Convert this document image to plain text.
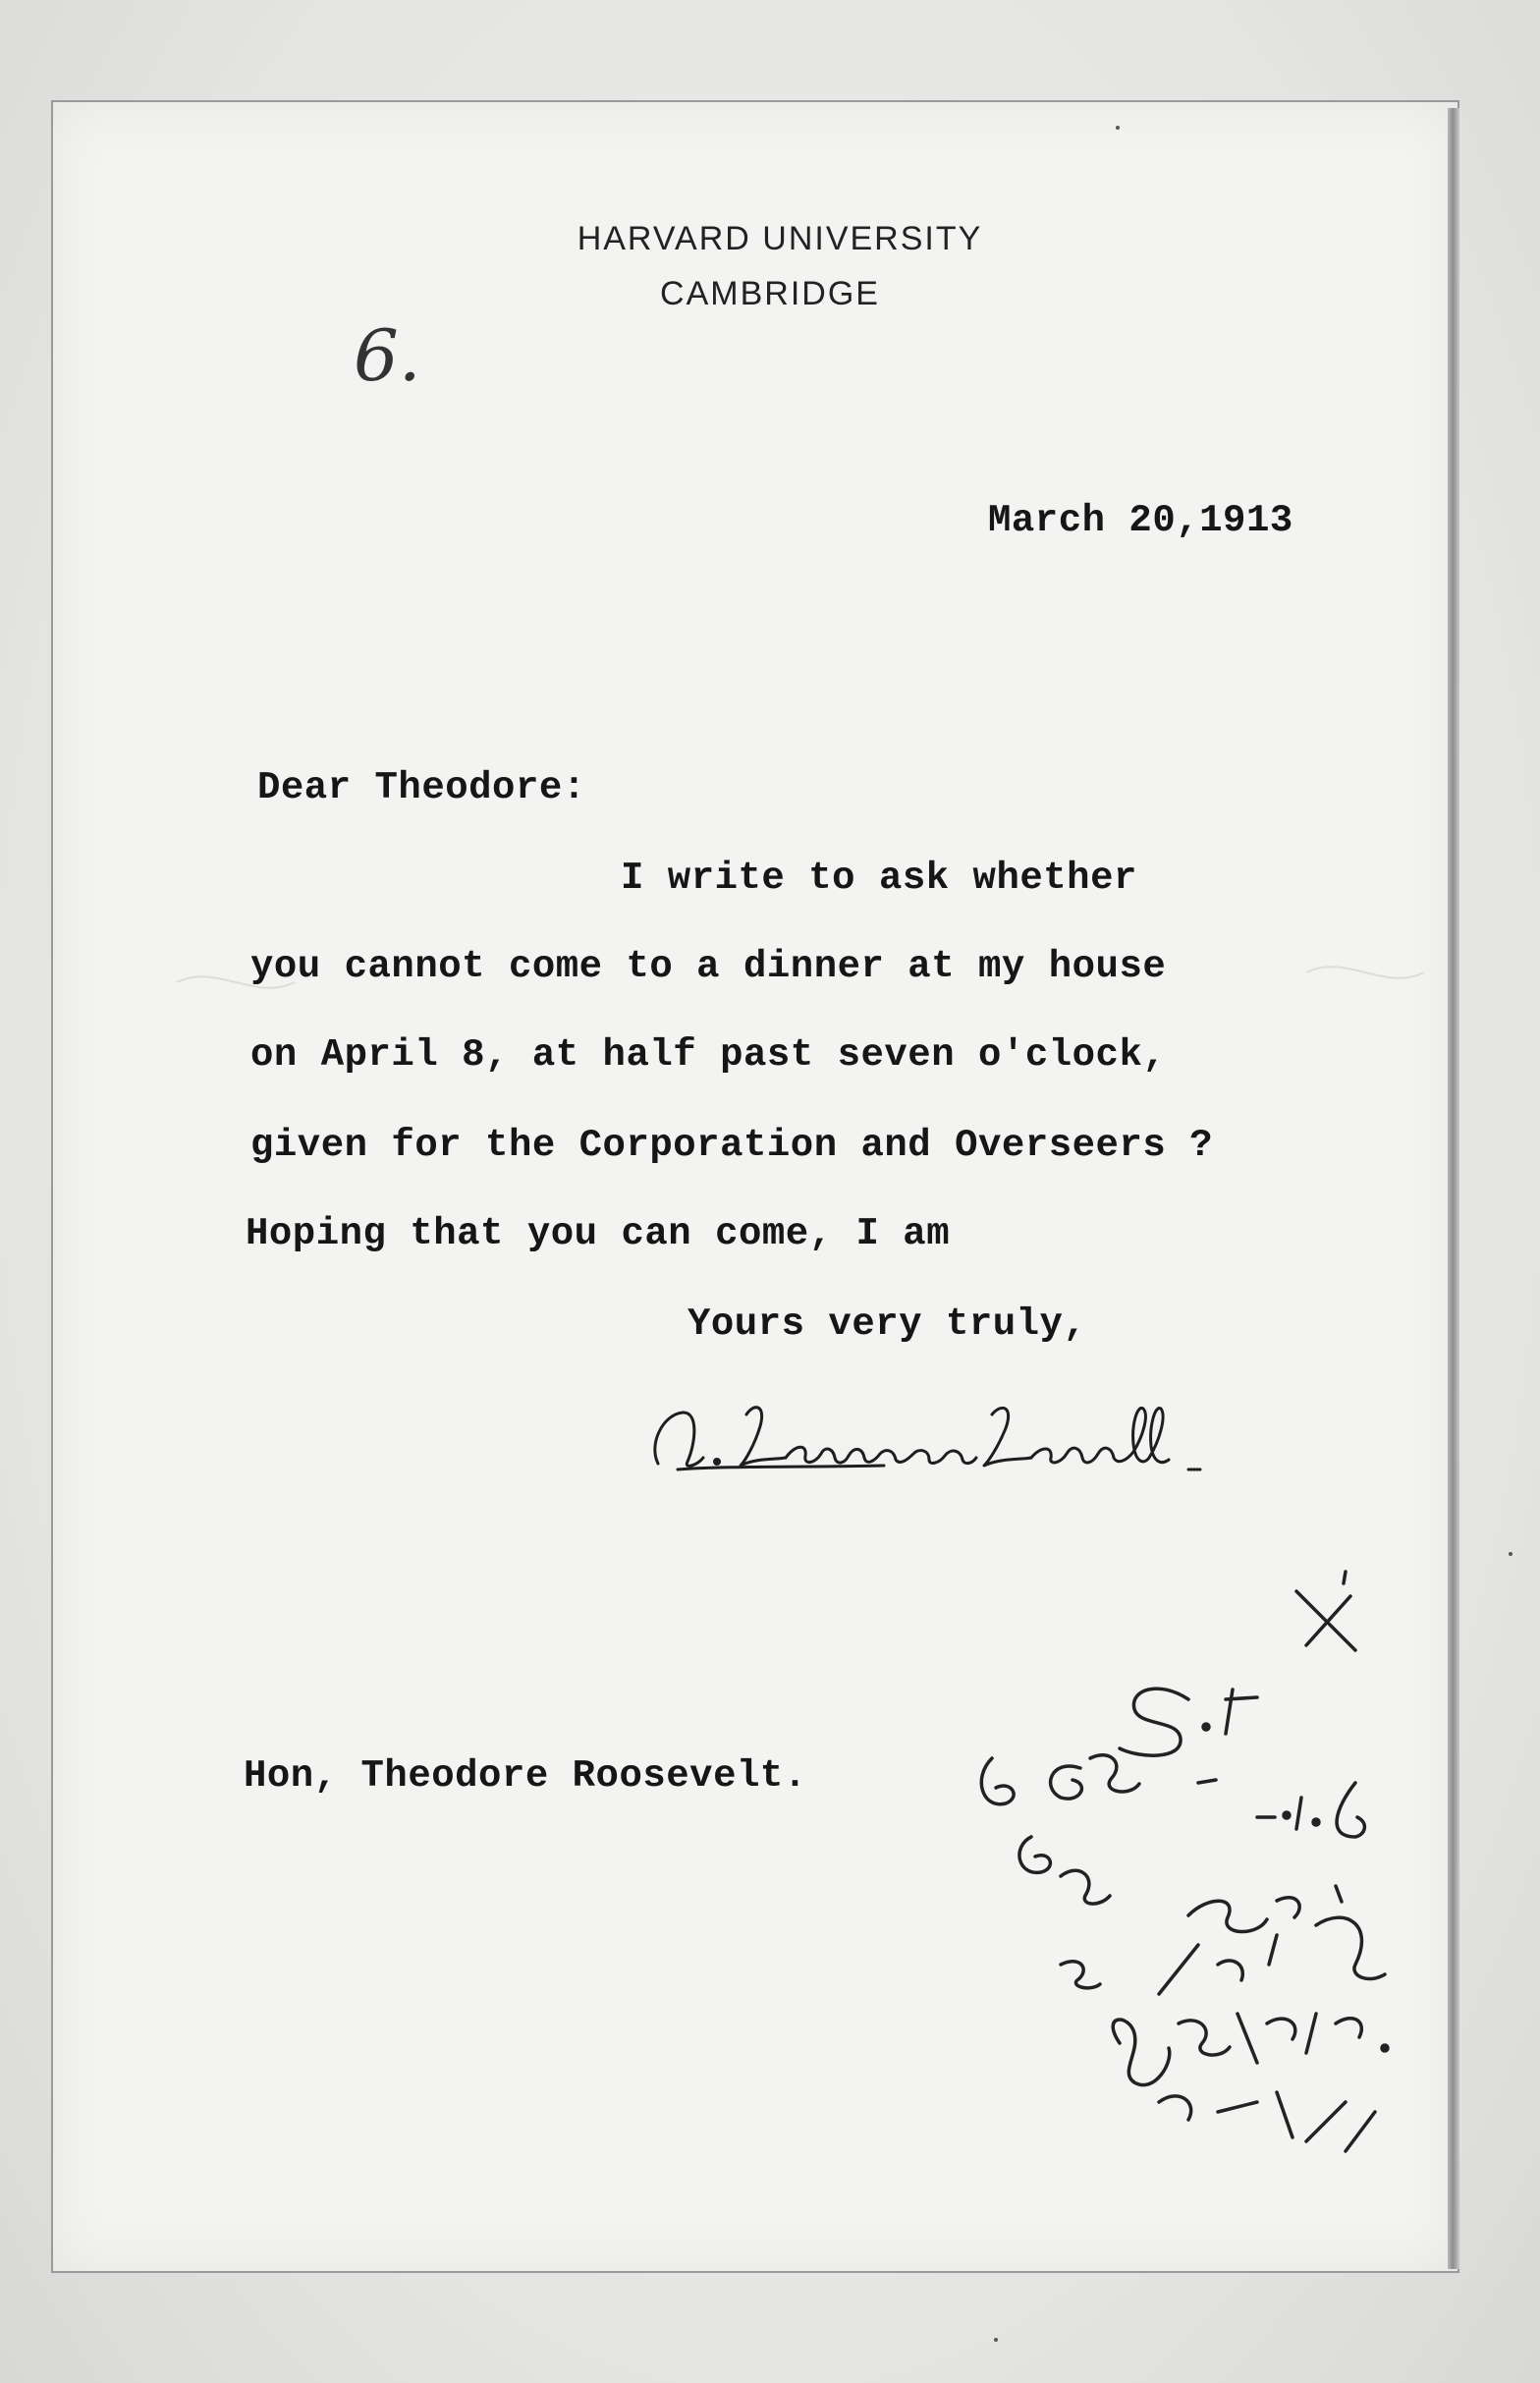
HARVARD UNIVERSITY
CAMBRIDGE
6.
March 20,1913
Dear Theodore:
I write to ask whether
you cannot come to a dinner at my house
on April 8, at half past seven o'clock,
given for the Corporation and Overseers ?
Hoping that you can come, I am
Yours very truly,
Hon, Theodore Roosevelt.
